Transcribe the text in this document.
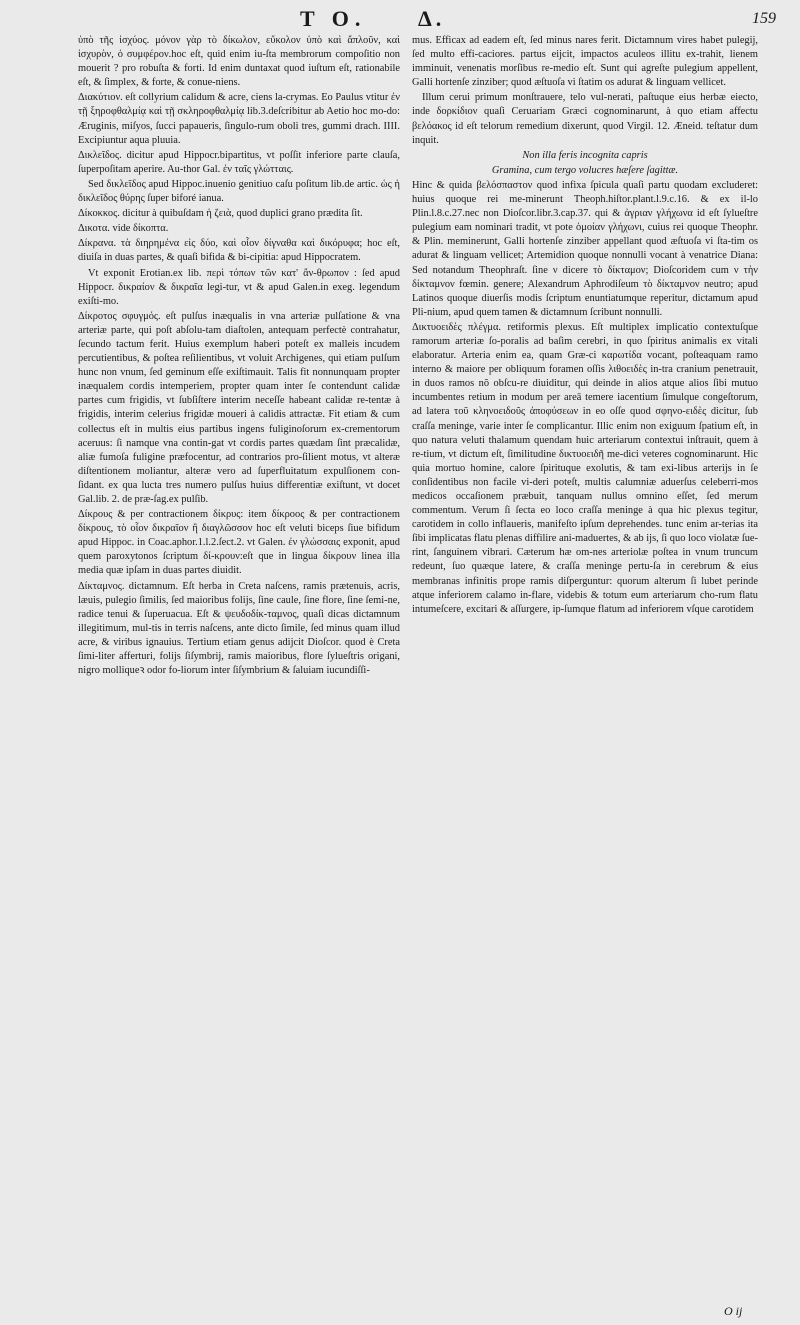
T O. Δ.	159

ὑπὸ τῆς ἰσχύος. μόνον γὰρ τὸ δίκωλον, εὔκολον ὑπὸ καὶ ἄπλοῦν, καὶ ἰσχυρὸν, ὁ συμφέρον.hoc eſt, quid enim iu-ſta membrorum compoſitio non mouerit ? pro robuſta & forti. Id enim duntaxat quod iuſtum eſt, rationabile eſt, & ſimplex, & forte, & conue-niens.

Διακύτιον. eſt collyrium calidum & acre, ciens la-crymas. Eo Paulus vtitur ἐν τῇ ξηροφθαλμίᾳ καὶ τῇ σκληροφθαλμίᾳ lib.3.deſcribitur ab Aetio hoc mo-do: Æruginis, miſyos, ſucci papaueris, ſingulo-rum oboli tres, gummi drach. IIII. Excipiuntur aqua pluuia.

Δικλεῖδος. dicitur apud Hippocr.bipartitus, vt poſſit inferiore parte clauſa, ſuperpoſitam aperire. Au-thor Gal. ἐν ταῖς γλώτταις.

Sed δικλεῖδος apud Hippoc.inuenio genitiuo caſu poſitum lib.de artic. ὡς ἡ δικλεῖδος θύρης ſuper biforé ianua.

Δίκοκκος. dicitur à quibuſdam ἡ ζειὰ, quod duplici grano prædita ſit.

Δικοτα. vide δίκοπτα.

Δίκρανα. τὰ διηρημένα εἰς δύο, καὶ οἷον δίγναθα καὶ δικόρυφα; hoc eſt, diuiſa in duas partes, & quaſi bifida & bi-cipitia: apud Hippocratem.

Vt exponit Erotian.ex lib. περὶ τόπων τῶν κατ' ἄν-θρωπον : ſed apud Hippocr. δικραίον & δικραῖα legi-tur, vt & apud Galen.in exeg. legendum exiſti-mo.

Δίκροτος σφυγμός. eſt pulſus inæqualis in vna arteriæ pulſatione & vna arteriæ parte, qui poſt abſolu-tam diaſtolen, antequam perfectè contrahatur, ſecundo tactum ferit. Huius exemplum haberi poteſt ex malleis incudem percutientibus, & poſtea reſilientibus, vt voluit Archigenes, qui etiam pulſum hunc non vnum, ſed geminum eſſe exiſtimauit. Talis fit nonnunquam propter inæqualem cordis intemperiem, propter quam inter ſe contendunt calidæ partes cum frigidis, vt ſubſiſtere interim neceſſe habeant calidæ re-tentæ à frigidis, interim celerius frigidæ moueri à calidis attractæ. Fit etiam & cum collectus eſt in multis eius partibus ingens fuliginoſorum ex-crementorum aceruus: ſi namque vna contin-gat vt cordis partes quædam ſint præcalidæ, aliæ fumoſa fuligine præfocentur, ad contrarios pro-ſilient motus, vt alteræ diſtentionem moliantur, alteræ vero ad ſuperfluitatum expulſionem con-ſidant. ex qua lucta tres numero pulſus huius differentiæ exiſtunt, vt docet Gal.lib. 2. de præ-ſag.ex pulſib.

Δίκρους & per contractionem δίκρυς: item δίκροος & per contractionem δίκρους, τὸ οἷον δικραῖον ἢ διαγλῶσσον hoc eſt veluti biceps ſiue bifidum apud Hippoc. in Coac.aphor.1.l.2.ſect.2. vt Galen. ἐν γλώσσαις exponit, apud quem paroxytonos ſcriptum δί-κρουν:eſt que in lingua δίκρουν linea illa media quæ ipſam in duas partes diuidit.

Δίκταμνος. dictamnum. Eſt herba in Creta naſcens, ramis prætenuis, acris, læuis, pulegio ſimilis, ſed maioribus folijs, ſine caule, ſine flore, ſine ſemi-ne, radice tenui & ſuperuacua. Eſt & ψευδοδίκ-ταμνος, quaſi dicas dictamnum illegitimum, mul-tis in terris naſcens, ante dicto ſimile, ſed minus quam illud acre, & viribus ignauius. Tertium etiam genus adijcit Dioſcor. quod è Creta ſimi-liter afferturi, folijs ſiſymbrij, ramis maioribus, flore ſylueſtris origani, nigro molliqueꝛ odor fo-liorum inter ſiſymbrium & ſaluiam iucundiſſi-

mus. Efficax ad eadem eſt, ſed minus nares ferit. Dictamnum vires habet pulegij, ſed multo effi-caciores. partus eijcit, impactos aculeos illitu ex-trahit, lienem imminuit, venenatis morſibus re-medio eſt. Sunt qui agreſte pulegium appellent, Galli hortenſe zinziber; quod æſtuoſa vi ſtatim os adurat & linguam vellicet.

Illum cerui primum monſtrauere, telo vul-nerati, paſtuque eius herbæ eiecto, inde δορκίδιον quaſi Ceruariam Græci cognominarunt, à quo etiam affectu βελόακος id eſt telorum remedium dixerunt, quod Virgil. 12. Æneid. teſtatur dum inquit.

Non illa feris incognita capris

Gramina, cum tergo volucres hæſere ſagittæ.

Hinc & quida βελόσπαστον quod infixa ſpicula quaſi partu quodam excluderet: huius quoque rei me-minerunt Theoph.hiſtor.plant.l.9.c.16. & ex il-lo Plin.l.8.c.27.nec non Dioſcor.libr.3.cap.37. qui & ἀγριαν γλήχωνα id eſt ſylueſtre pulegium eam nominari tradit, vt pote ὁμοίαν γλήχωνι, cuius rei quoque Theophr. & Plin. meminerunt, Galli hortenſe zinziber appellant quod æſtuoſa vi ſta-tim os adurat & linguam vellicet; Artemidion quoque nonnulli vocant à venatrice Diana: Sed notandum Theophraſt. ſine ν dicere τὸ δίκταμον; Dioſcoridem cum ν τὴν δίκταμνον fœmin. genere; Alexandrum Aphrodiſeum τὸ δίκταμνον neutro; apud Latinos quoque diuerſis modis ſcriptum enuntiatumque reperitur, dictamum apud Pli-nium, apud quem tamen & dictamnum ſcribunt nonnulli.

Δικτυοειδὲς πλέγμα. retiformis plexus. Eſt multiplex implicatio contextuſque ramorum arteriæ ſo-poralis ad baſim cerebri, in quo ſpiritus animalis ex vitali elaboratur. Arteria enim ea, quam Græ-ci καρωτίδα vocant, poſteaquam ramo interno & maiore per obliquum foramen oſſis λιθοειδὲς in-tra cranium penetrauit, in duos ramos nõ obſcu-re diuiditur, qui deinde in alios atque alios ſibi mutuo incumbentes retium in modum per areā temere iacentium ſimulque congeſtorum, ad latera τοῦ κληνοειδοῦς ἀποφύσεων in eo oſſe quod σφηνο-ειδὲς dicitur, ſub craſſa meninge, varie inter ſe complicantur. Illic enim non exiguum ſpatium eſt, in quo natura veluti thalamum quendam huic arteriarum contextui inſtrauit, quem à re-tium, vt dictum eſt, ſimilitudine δικτυοειδῆ me-dici veteres cognominarunt. Hic quia mortuo homine, calore ſpirituque exolutis, & tam exi-libus arterijs in ſe conſidentibus non facile vi-deri poteſt, multis calumniæ aduerſus celeberri-mos medicos occaſionem præbuit, tanquam nullus omnino eſſet, ſed merum commentum. Verum ſi ſecta eo loco craſſa meninge à qua hic plexus tegitur, carotidem in collo inflaueris, manifeſto ipſum deprehendes. tunc enim ar-terias ita ſibi implicatas flatu plenas diffilire ani-maduertes, & ab ijs, ſi quo loco violatæ ſue-rint, ſanguinem vibrari. Cæterum hæ om-nes arteriolæ poſtea in vnum truncum redeunt, ſuo quæque latere, & craſſa meninge pertu-ſa in cerebrum & eius membranas infinitis prope ramis diſperguntur: quorum alterum ſi lubet perinde atque inferiorem calamo in-flare, videbis & totum eum arteriarum cho-rum flatu intumeſcere, excitari & aſſurgere, ip-ſumque flatum ad inferiorem vſque carotidem

O ij
